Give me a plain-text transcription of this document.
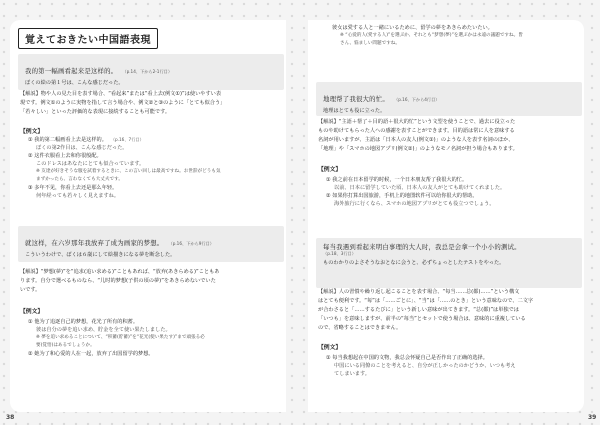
覚えておきたい中国語表現
我的第一幅画看起来是这样的。 （p.14、下から2-1行目）
ぼくの絵の第１号は、こんな感じだった。
【解説】物や人の見た目を表す場合、“看起来”または“看上去(例文①)”は使いやすい表
現です。例文①のように実物を指して言う場合や、例文②と③のように「とても似合う」
「若々しい」といった評価的な表現に接続することも可能です。
【例文】
① 我的第二幅画看上去是这样的。 （p.16、7行目）
ぼくの第2作目は、こんな感じだった。
② 这件衣服看上去和你很般配。
このドレスはあなたにとても似合っています。
※ 友達が好きそうな服を試着するときに、この言い回しは最高ですね。お世辞がどうも気
まずかったら、言わなくても大丈夫です。
③ 多年不见，你看上去还是那么年轻。
何年経っても若々しく見えますね。
就这样，在六岁那年我放弃了成为画家的梦想。 （p.16、下から9行目）
こういうわけで、ぼくは６歳にして絵描きになる夢を断念した。
【解説】“梦想(夢)”を“追求(追い求める)”こともあれば、“放弃(あきらめる)”こともあ
ります。自分で選べるものなら、“儿时的梦想(子供の頃の夢)”をあきらめないでいた
いです。
【例文】
① 他为了追逐自己的梦想，花光了所有的积蓄。
彼は自分の夢を追い求め、貯金を全て使い果たしました。
※ 夢を追い求めることについて、“积蓄(貯蓄)”を“花光(使い果たす)”まで頑張る必
要(覚悟)はあるでしょうか。
② 她为了和心爱的人在一起，放弃了出国留学的梦想。
38
彼女は愛する人と一緒にいるために、留学の夢をあきらめたいたい。
※ “心爱的人(愛する人)”を選ぶか、それとも“梦想(夢)”を選ぶかは永遠の議題ですね。皆
さん、悩ましい問題ですね。
地理帮了我很大的忙。 （p.16、下から4行目）
地理はとても役に立った。
【解説】“主語＋帮了＋目的語＋很大的忙”という文型を使うことで、過去に役立った
ものや助けてもらった人への感謝を表すことができます。目的語は常に人を意味する
名詞が用いますが、主語は「日本人の友人(例文①)」のような人を表す名詞のほか、
「地理」や「スマホの地図アプリ(例文②)」のようなモノ名詞が担う場合もあります。
【例文】
① 我之前在日本留学的时候，一个日本朋友帮了我很大的忙。
以前、日本に留学していた頃、日本人の友人がとても助けてくれました。
② 如果你打算出国旅游，手机上的地图软件可以给你很大的帮助。
海外旅行に行くなら、スマホの地図アプリがとても役立つでしょう。
每当我遇到看起来明白事理的大人时，我总是会拿一个小小的测试。
（p.18、3行目）
ものわかりのよさそうなおとなに会うと、必ずちょっとしたテストをやった。
【解説】人の習慣や繰り返し起こることを表す場合、“每当……总(都)……”という構文
はとても便利です。“每”は「……ごとに」、“当”は「……のとき」という意味なので、二文字
が合わさると「……するたびに」という新しい意味が出てきます。“总(都)”は単独では
「いつも」を意味しますが、前半の“每当”とセットで使う場合は、意味的に重複している
ので、省略することはできません。
【例文】
① 每当我想起在中国的文物，我总会怀疑自己是否作出了正确的选择。
中国にいる同僚のことを考えると、自分が正しかったのかどうか、いつも考え
てしまいます。
39
